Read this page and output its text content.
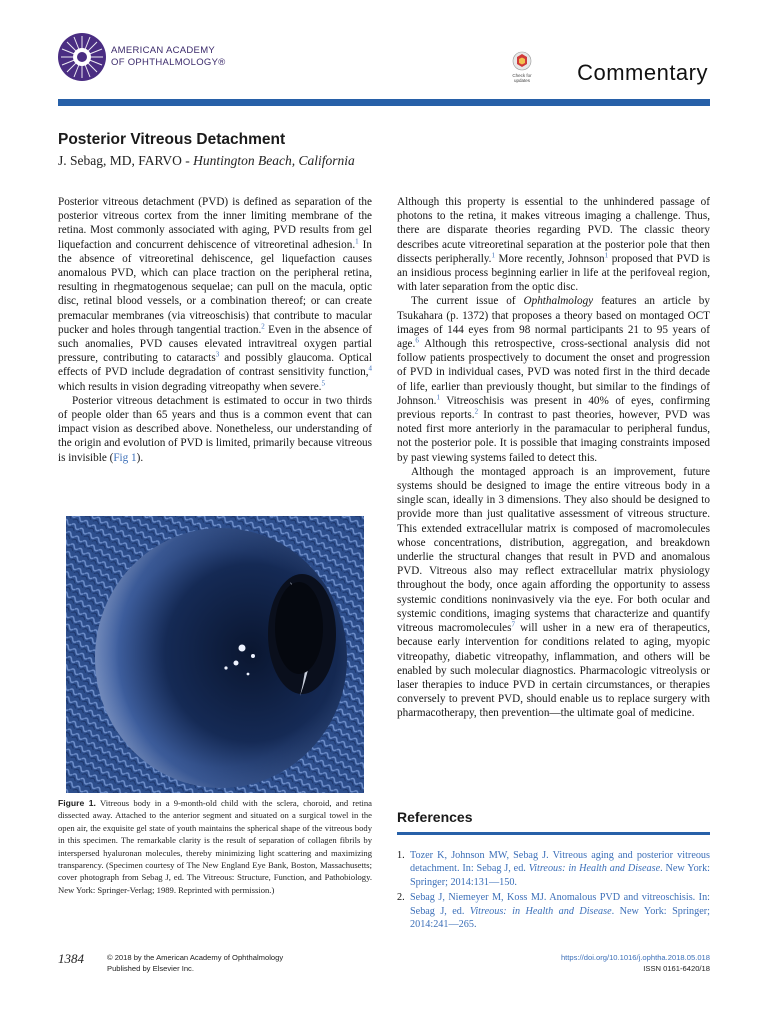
AMERICAN ACADEMY
OF OPHTHALMOLOGY®
Check for
updates Commentary
Posterior Vitreous Detachment
J. Sebag, MD, FARVO - Huntington Beach, California

Posterior vitreous detachment (PVD) is defined as separation of the posterior vitreous cortex from the inner limiting membrane of the retina. Most commonly associated with aging, PVD results from gel liquefaction and concurrent dehiscence of vitreoretinal adhesion.$^1$ In the absence of vitreoretinal dehiscence, gel liquefaction causes anomalous PVD, which can place traction on the peripheral retina, resulting in rhegmatogenous sequelae; can pull on the macula, optic disc, retinal blood vessels, or a combination thereof; or can create premacular membranes (via vitreoschisis) that contribute to macular pucker and holes through tangential traction.$^2$ Even in the absence of such anomalies, PVD causes elevated intravitreal oxygen partial pressure, contributing to cataracts$^3$ and possibly glaucoma. Optical effects of PVD include degradation of contrast sensitivity function,$^4$ which results in vision degrading vitreopathy when severe.$^5$

Posterior vitreous detachment is estimated to occur in two thirds of people older than 65 years and thus is a common event that can impact vision as described above. Nonetheless, our understanding of the origin and evolution of PVD is limited, primarily because vitreous is invisible (Fig 1).

Figure 1. Vitreous body in a 9-month-old child with the sclera, choroid, and retina dissected away. Attached to the anterior segment and situated on a surgical towel in the open air, the exquisite gel state of youth maintains the spherical shape of the vitreous body in this specimen. The remarkable clarity is the result of separation of collagen fibrils by interspersed hyaluronan molecules, thereby minimizing light scattering and maximizing transparency. (Specimen courtesy of The New England Eye Bank, Boston, Massachusetts; cover photograph from Sebag J, ed. The Vitreous: Structure, Function, and Pathobiology. New York: Springer-Verlag; 1989. Reprinted with permission.)

Although this property is essential to the unhindered passage of photons to the retina, it makes vitreous imaging a challenge. Thus, there are disparate theories regarding PVD. The classic theory describes acute vitreoretinal separation at the posterior pole that then dissects peripherally.$^1$ More recently, Johnson$^1$ proposed that PVD is an insidious process beginning earlier in life at the perifoveal region, with later separation from the optic disc.

The current issue of Ophthalmology features an article by Tsukahara (p. 1372) that proposes a theory based on montaged OCT images of 144 eyes from 98 normal participants 21 to 95 years of age.$^6$ Although this retrospective, cross-sectional analysis did not follow patients prospectively to document the onset and progression of PVD in individual cases, PVD was noted first in the third decade of life, earlier than previously thought, but similar to the findings of Johnson.$^1$ Vitreoschisis was present in 40% of eyes, confirming previous reports.$^2$ In contrast to past theories, however, PVD was noted first more anteriorly in the paramacular to peripheral fundus, not the posterior pole. It is possible that imaging constraints imposed by past viewing systems failed to detect this.

Although the montaged approach is an improvement, future systems should be designed to image the entire vitreous body in a single scan, ideally in 3 dimensions. They also should be designed to provide more than just qualitative assessment of vitreous structure. This extended extracellular matrix is composed of macromolecules whose concentrations, distribution, aggregation, and breakdown underlie the structural changes that result in PVD and anomalous PVD. Vitreous also may reflect extracellular matrix physiology throughout the body, once again affording the opportunity to assess systemic conditions noninvasively via the eye. For both ocular and systemic conditions, imaging systems that characterize and quantify vitreous macromolecules$^7$ will usher in a new era of therapeutics, because early intervention for conditions related to aging, myopic vitreopathy, diabetic vitreopathy, inflammation, and others will be enabled by such molecular diagnostics. Pharmacologic vitreolysis or laser therapies to induce PVD in certain circumstances, or therapies conversely to prevent PVD, should enable us to replace surgery with pharmacotherapy, then prevention—the ultimate goal of medicine.

References
1. Tozer K, Johnson MW, Sebag J. Vitreous aging and posterior vitreous detachment. In: Sebag J, ed. Vitreous: in Health and Disease. New York: Springer; 2014:131—150.
2. Sebag J, Niemeyer M, Koss MJ. Anomalous PVD and vitreoschisis. In: Sebag J, ed. Vitreous: in Health and Disease. New York: Springer; 2014:241—265.
1384	© 2018 by the American Academy of Ophthalmology
Published by Elsevier Inc.
https://doi.org/10.1016/j.ophtha.2018.05.018
ISSN 0161-6420/18
